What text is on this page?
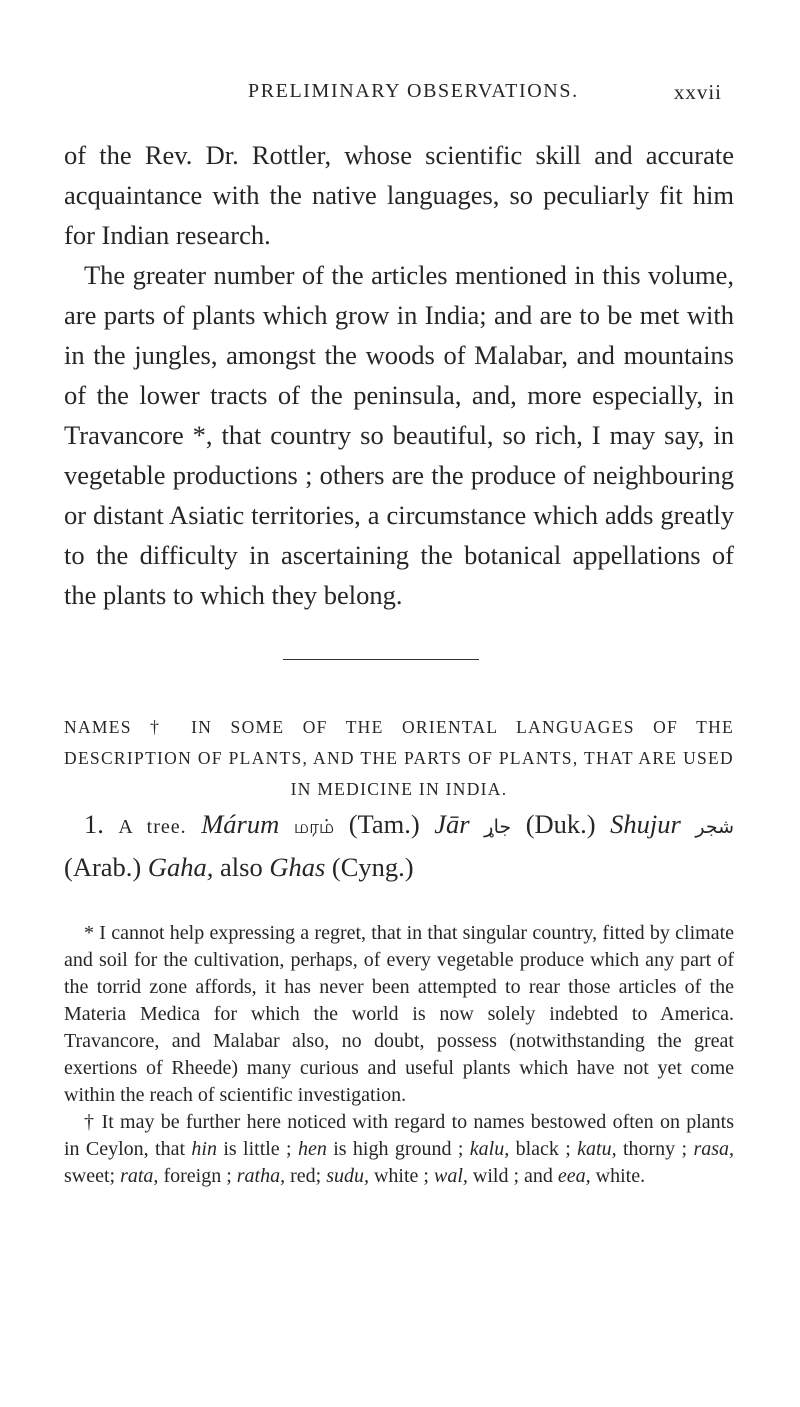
PRELIMINARY OBSERVATIONS.	xxvii

of the Rev. Dr. Rottler, whose scientific skill and accurate acquaintance with the native languages, so peculiarly fit him for Indian research.

The greater number of the articles mentioned in this volume, are parts of plants which grow in India; and are to be met with in the jungles, amongst the woods of Malabar, and mountains of the lower tracts of the peninsula, and, more especially, in Travancore *, that country so beautiful, so rich, I may say, in vegetable productions ; others are the produce of neighbouring or distant Asiatic territories, a circumstance which adds greatly to the difficulty in ascertaining the botanical appellations of the plants to which they belong.

NAMES † IN SOME OF THE ORIENTAL LANGUAGES OF THE DESCRIPTION OF PLANTS, AND THE PARTS OF PLANTS, THAT ARE USED IN MEDICINE IN INDIA.
1. A tree. Márum மரம் (Tam.) Jār جاړ (Duk.) Shujur شجر (Arab.) Gaha, also Ghas (Cyng.)

* I cannot help expressing a regret, that in that singular country, fitted by climate and soil for the cultivation, perhaps, of every vegetable produce which any part of the torrid zone affords, it has never been attempted to rear those articles of the Materia Medica for which the world is now solely indebted to America. Travancore, and Malabar also, no doubt, possess (notwithstanding the great exertions of Rheede) many curious and useful plants which have not yet come within the reach of scientific investigation.

† It may be further here noticed with regard to names bestowed often on plants in Ceylon, that hin is little ; hen is high ground ; kalu, black ; katu, thorny ; rasa, sweet; rata, foreign ; ratha, red; sudu, white ; wal, wild ; and eea, white.
